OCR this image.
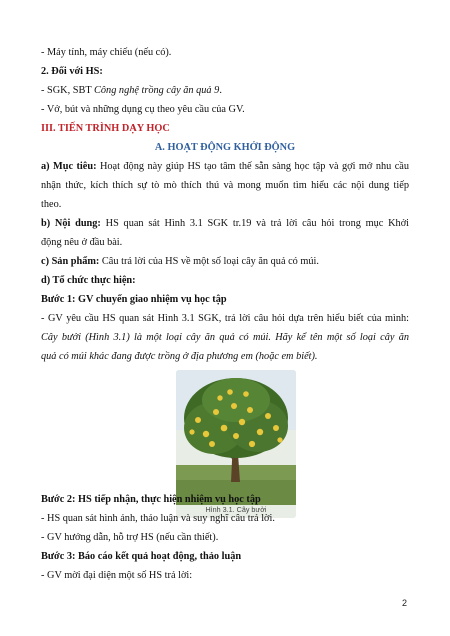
- Máy tính, máy chiếu (nếu có).
2. Đối với HS:
- SGK, SBT Công nghệ trồng cây ăn quả 9.
- Vở, bút và những dụng cụ theo yêu cầu của GV.
III. TIẾN TRÌNH DẠY HỌC
A. HOẠT ĐỘNG KHỞI ĐỘNG
a) Mục tiêu: Hoạt động này giúp HS tạo tâm thế sẵn sàng học tập và gợi mở nhu cầu
nhận thức, kích thích sự tò mò thích thú và mong muốn tìm hiểu các nội dung tiếp
theo.
b) Nội dung: HS quan sát Hình 3.1 SGK tr.19 và trả lời câu hỏi trong mục Khởi
động nêu ở đầu bài.
c) Sản phẩm: Câu trả lời của HS về một số loại cây ăn quả có múi.
d) Tổ chức thực hiện:
Bước 1: GV chuyển giao nhiệm vụ học tập
- GV yêu cầu HS quan sát Hình 3.1 SGK, trả lời câu hỏi dựa trên hiểu biết của mình:
Cây bưởi (Hình 3.1) là một loại cây ăn quả có múi. Hãy kể tên một số loại cây ăn
quả có múi khác đang được trồng ở địa phương em (hoặc em biết).
Hình 3.1. Cây bưởi
Bước 2: HS tiếp nhận, thực hiện nhiệm vụ học tập
- HS quan sát hình ảnh, thảo luận và suy nghĩ câu trả lời.
- GV hướng dẫn, hỗ trợ HS (nếu cần thiết).
Bước 3: Báo cáo kết quả hoạt động, thảo luận
- GV mời đại diện một số HS trả lời:
2
